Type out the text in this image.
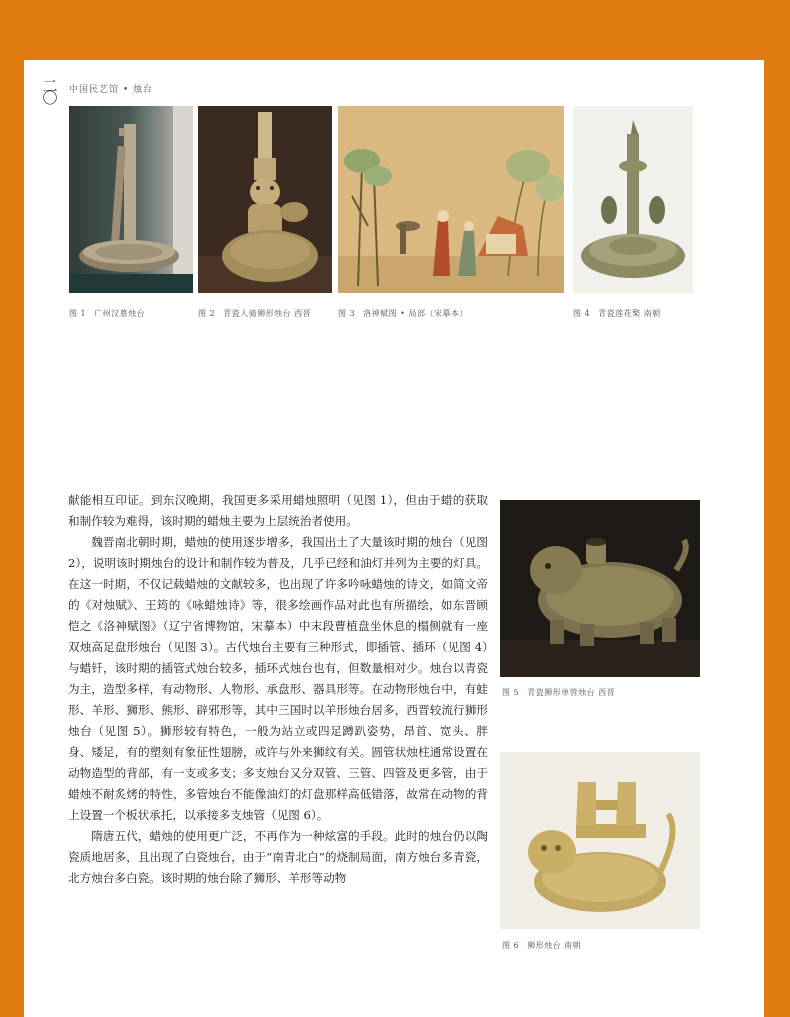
二〇 中国民艺馆 • 烛台
图 1 广州汉墓烛台	图 2 青瓷人骑狮形烛台 西晋	图 3 洛神赋图 • 局部（宋摹本）	图 4 青瓷莲花檠 南朝

献能相互印证。到东汉晚期，我国更多采用蜡烛照明（见图 1），但由于蜡的获取和制作较为难得，该时期的蜡烛主要为上层统治者使用。

魏晋南北朝时期，蜡烛的使用逐步增多，我国出土了大量该时期的烛台（见图 2），说明该时期烛台的设计和制作较为普及，几乎已经和油灯并列为主要的灯具。在这一时期，不仅记载蜡烛的文献较多，也出现了许多吟咏蜡烛的诗文，如简文帝的《对烛赋》、王筠的《咏蜡烛诗》等，很多绘画作品对此也有所描绘，如东晋顾恺之《洛神赋图》（辽宁省博物馆，宋摹本）中末段曹植盘坐休息的榻侧就有一座双烛高足盘形烛台（见图 3）。古代烛台主要有三种形式，即插管、插环（见图 4）与蜡钎，该时期的插管式烛台较多，插环式烛台也有，但数量相对少。烛台以青瓷为主，造型多样，有动物形、人物形、承盘形、器具形等。在动物形烛台中，有蛙形、羊形、狮形、熊形、辟邪形等，其中三国时以羊形烛台居多，西晋较流行狮形烛台（见图 5）。狮形较有特色，一般为站立或四足蹲趴姿势，昂首、宽头、胖身、矮足，有的塑刻有象征性翅膀，或许与外来狮纹有关。圆管状烛柱通常设置在动物造型的背部，有一支或多支；多支烛台又分双管、三管、四管及更多管，由于蜡烛不耐炙烤的特性，多管烛台不能像油灯的灯盘那样高低错落，故常在动物的背上设置一个板状承托，以承接多支烛管（见图 6）。

隋唐五代，蜡烛的使用更广泛，不再作为一种炫富的手段。此时的烛台仍以陶瓷质地居多，且出现了白瓷烛台，由于“南青北白”的烧制局面，南方烛台多青瓷，北方烛台多白瓷。该时期的烛台除了狮形、羊形等动物

图 5 青瓷狮形单管烛台 西晋
图 6 狮形烛台 南朝
